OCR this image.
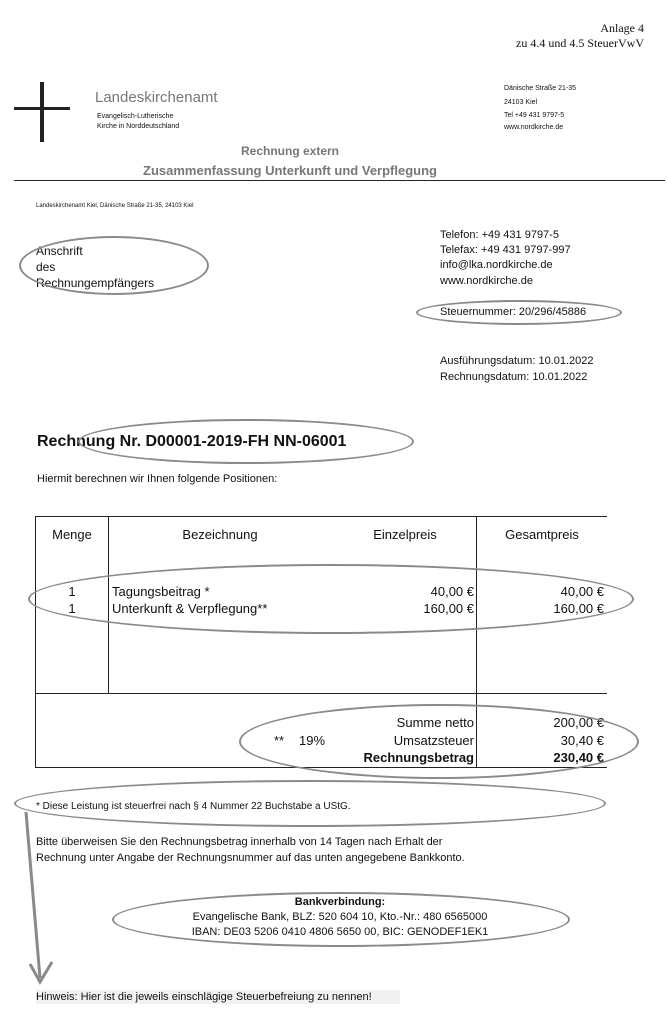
Anlage 4
zu 4.4 und 4.5 SteuerVwV
Landeskirchenamt
Evangelisch-Lutherische
Kirche in Norddeutschland
Dänische Straße 21-35
24103 Kiel
Tel +49 431 9797-5
www.nordkirche.de
Rechnung extern
Zusammenfassung Unterkunft und Verpflegung
Landeskirchenamt Kiel, Dänische Straße 21-35, 24103 Kiel
Anschrift
des
Rechnungempfängers
Telefon: +49 431 9797-5
Telefax: +49 431 9797-997
info@lka.nordkirche.de
www.nordkirche.de
Steuernummer: 20/296/45886
Ausführungsdatum: 10.01.2022
Rechnungsdatum: 10.01.2022
Rechnung Nr. D00001-2019-FH NN-06001
Hiermit berechnen wir Ihnen folgende Positionen:
Menge	Bezeichnung	Einzelpreis	Gesamtpreis
1	Tagungsbeitrag *	40,00 €	40,00 €
1	Unterkunft & Verpflegung**	160,00 €	160,00 €
Summe netto	200,00 €
** 19%	Umsatzsteuer	30,40 €
Rechnungsbetrag	230,40 €
* Diese Leistung ist steuerfrei nach § 4 Nummer 22 Buchstabe a UStG.
Bitte überweisen Sie den Rechnungsbetrag innerhalb von 14 Tagen nach Erhalt der
Rechnung unter Angabe der Rechnungsnummer auf das unten angegebene Bankkonto.
Bankverbindung:
Evangelische Bank, BLZ: 520 604 10, Kto.-Nr.: 480 6565000
IBAN: DE03 5206 0410 4806 5650 00, BIC: GENODEF1EK1
Hinweis: Hier ist die jeweils einschlägige Steuerbefreiung zu nennen!
